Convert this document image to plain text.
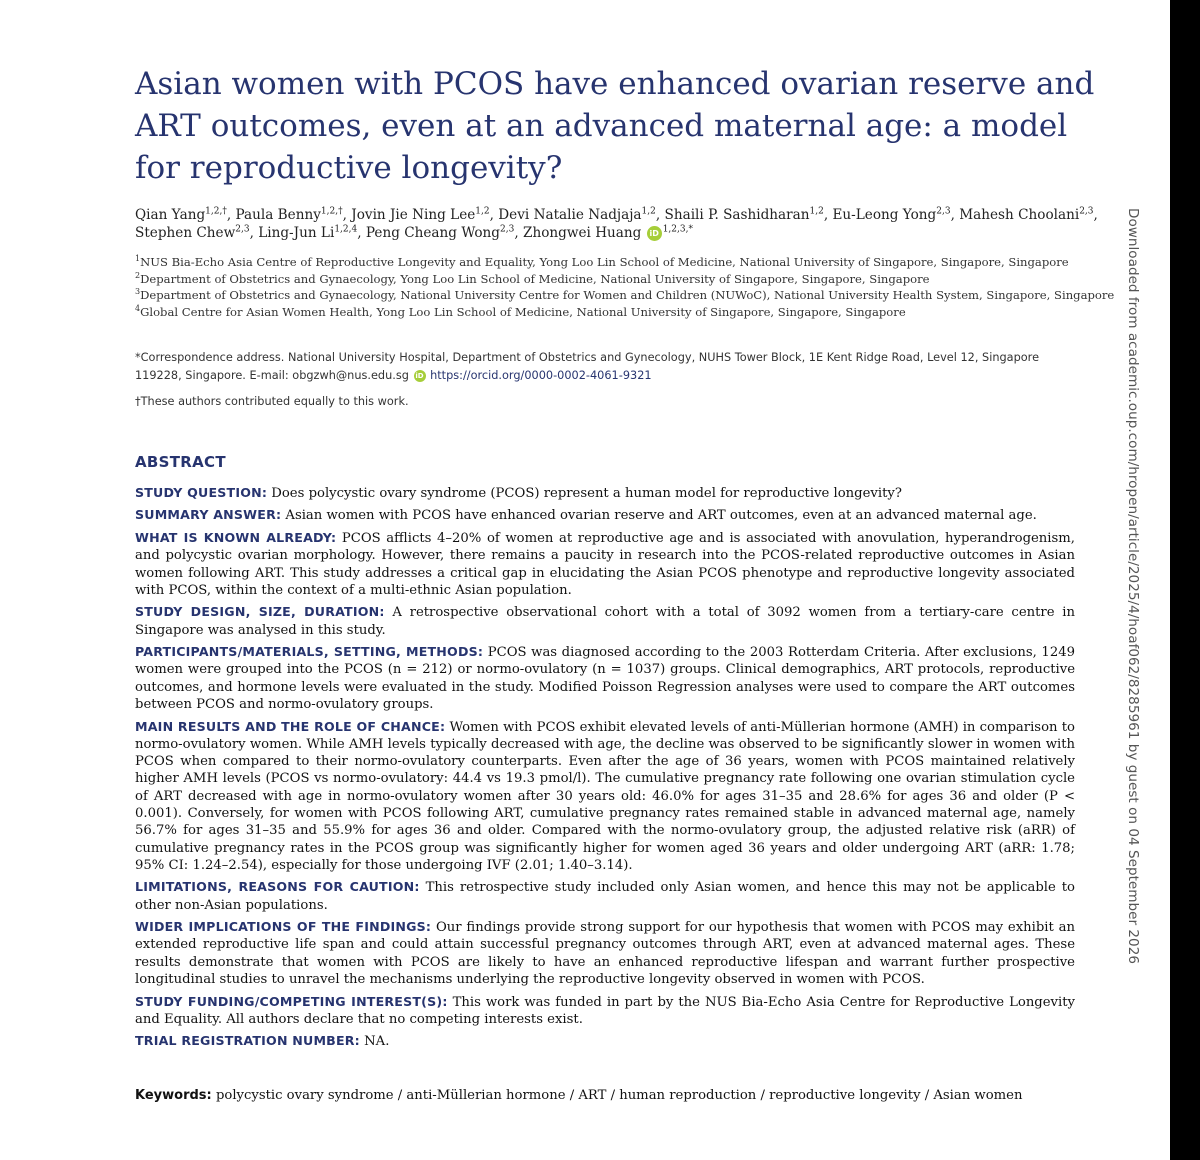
Asian women with PCOS have enhanced ovarian reserve and ART outcomes, even at an advanced maternal age: a model for reproductive longevity?
Qian Yang$^{1,2,\dagger}$, Paula Benny$^{1,2,\dagger}$, Jovin Jie Ning Lee$^{1,2}$, Devi Natalie Nadjaja$^{1,2}$, Shaili P. Sashidharan$^{1,2}$, Eu-Leong Yong$^{2,3}$, Mahesh Choolani$^{2,3}$, Stephen Chew$^{2,3}$, Ling-Jun Li$^{1,2,4}$, Peng Cheang Wong$^{2,3}$, Zhongwei Huang iD $^{1,2,3,*}$
$^1$NUS Bia-Echo Asia Centre of Reproductive Longevity and Equality, Yong Loo Lin School of Medicine, National University of Singapore, Singapore, Singapore
$^2$Department of Obstetrics and Gynaecology, Yong Loo Lin School of Medicine, National University of Singapore, Singapore, Singapore
$^3$Department of Obstetrics and Gynaecology, National University Centre for Women and Children (NUWoC), National University Health System, Singapore, Singapore
$^4$Global Centre for Asian Women Health, Yong Loo Lin School of Medicine, National University of Singapore, Singapore, Singapore
*Correspondence address. National University Hospital, Department of Obstetrics and Gynecology, NUHS Tower Block, 1E Kent Ridge Road, Level 12, Singapore 119228, Singapore. E-mail: obgzwh@nus.edu.sg iD https://orcid.org/0000-0002-4061-9321
†These authors contributed equally to this work.
ABSTRACT

STUDY QUESTION: Does polycystic ovary syndrome (PCOS) represent a human model for reproductive longevity?

SUMMARY ANSWER: Asian women with PCOS have enhanced ovarian reserve and ART outcomes, even at an advanced maternal age.

WHAT IS KNOWN ALREADY: PCOS afflicts 4–20% of women at reproductive age and is associated with anovulation, hyperandrogenism, and polycystic ovarian morphology. However, there remains a paucity in research into the PCOS-related reproductive outcomes in Asian women following ART. This study addresses a critical gap in elucidating the Asian PCOS phenotype and reproductive longevity associated with PCOS, within the context of a multi-ethnic Asian population.

STUDY DESIGN, SIZE, DURATION: A retrospective observational cohort with a total of 3092 women from a tertiary-care centre in Singapore was analysed in this study.

PARTICIPANTS/MATERIALS, SETTING, METHODS: PCOS was diagnosed according to the 2003 Rotterdam Criteria. After exclusions, 1249 women were grouped into the PCOS (n = 212) or normo-ovulatory (n = 1037) groups. Clinical demographics, ART protocols, reproductive outcomes, and hormone levels were evaluated in the study. Modified Poisson Regression analyses were used to compare the ART outcomes between PCOS and normo-ovulatory groups.

MAIN RESULTS AND THE ROLE OF CHANCE: Women with PCOS exhibit elevated levels of anti-Müllerian hormone (AMH) in comparison to normo-ovulatory women. While AMH levels typically decreased with age, the decline was observed to be significantly slower in women with PCOS when compared to their normo-ovulatory counterparts. Even after the age of 36 years, women with PCOS maintained relatively higher AMH levels (PCOS vs normo-ovulatory: 44.4 vs 19.3 pmol/l). The cumulative pregnancy rate following one ovarian stimulation cycle of ART decreased with age in normo-ovulatory women after 30 years old: 46.0% for ages 31–35 and 28.6% for ages 36 and older (P < 0.001). Conversely, for women with PCOS following ART, cumulative pregnancy rates remained stable in advanced maternal age, namely 56.7% for ages 31–35 and 55.9% for ages 36 and older. Compared with the normo-ovulatory group, the adjusted relative risk (aRR) of cumulative pregnancy rates in the PCOS group was significantly higher for women aged 36 years and older undergoing ART (aRR: 1.78; 95% CI: 1.24–2.54), especially for those undergoing IVF (2.01; 1.40–3.14).

LIMITATIONS, REASONS FOR CAUTION: This retrospective study included only Asian women, and hence this may not be applicable to other non-Asian populations.

WIDER IMPLICATIONS OF THE FINDINGS: Our findings provide strong support for our hypothesis that women with PCOS may exhibit an extended reproductive life span and could attain successful pregnancy outcomes through ART, even at advanced maternal ages. These results demonstrate that women with PCOS are likely to have an enhanced reproductive lifespan and warrant further prospective longitudinal studies to unravel the mechanisms underlying the reproductive longevity observed in women with PCOS.

STUDY FUNDING/COMPETING INTEREST(S): This work was funded in part by the NUS Bia-Echo Asia Centre for Reproductive Longevity and Equality. All authors declare that no competing interests exist.

TRIAL REGISTRATION NUMBER: NA.

Keywords: polycystic ovary syndrome / anti-Müllerian hormone / ART / human reproduction / reproductive longevity / Asian women
Downloaded from academic.oup.com/hropen/article/2025/4/hoaf062/8285961 by guest on 04 September 2026
